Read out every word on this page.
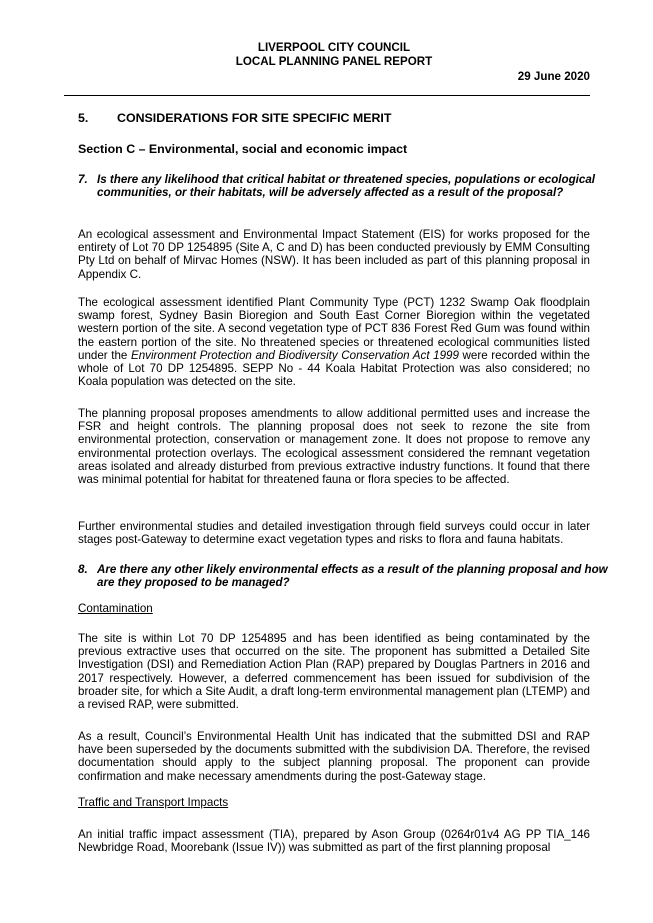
LIVERPOOL CITY COUNCIL
LOCAL PLANNING PANEL REPORT
29 June 2020
5. CONSIDERATIONS FOR SITE SPECIFIC MERIT
Section C – Environmental, social and economic impact
7. Is there any likelihood that critical habitat or threatened species, populations or ecological communities, or their habitats, will be adversely affected as a result of the proposal?
An ecological assessment and Environmental Impact Statement (EIS) for works proposed for the entirety of Lot 70 DP 1254895 (Site A, C and D) has been conducted previously by EMM Consulting Pty Ltd on behalf of Mirvac Homes (NSW). It has been included as part of this planning proposal in Appendix C.
The ecological assessment identified Plant Community Type (PCT) 1232 Swamp Oak floodplain swamp forest, Sydney Basin Bioregion and South East Corner Bioregion within the vegetated western portion of the site. A second vegetation type of PCT 836 Forest Red Gum was found within the eastern portion of the site. No threatened species or threatened ecological communities listed under the Environment Protection and Biodiversity Conservation Act 1999 were recorded within the whole of Lot 70 DP 1254895. SEPP No - 44 Koala Habitat Protection was also considered; no Koala population was detected on the site.
The planning proposal proposes amendments to allow additional permitted uses and increase the FSR and height controls. The planning proposal does not seek to rezone the site from environmental protection, conservation or management zone. It does not propose to remove any environmental protection overlays. The ecological assessment considered the remnant vegetation areas isolated and already disturbed from previous extractive industry functions. It found that there was minimal potential for habitat for threatened fauna or flora species to be affected.
Further environmental studies and detailed investigation through field surveys could occur in later stages post-Gateway to determine exact vegetation types and risks to flora and fauna habitats.
8. Are there any other likely environmental effects as a result of the planning proposal and how are they proposed to be managed?
Contamination
The site is within Lot 70 DP 1254895 and has been identified as being contaminated by the previous extractive uses that occurred on the site. The proponent has submitted a Detailed Site Investigation (DSI) and Remediation Action Plan (RAP) prepared by Douglas Partners in 2016 and 2017 respectively. However, a deferred commencement has been issued for subdivision of the broader site, for which a Site Audit, a draft long-term environmental management plan (LTEMP) and a revised RAP, were submitted.
As a result, Council’s Environmental Health Unit has indicated that the submitted DSI and RAP have been superseded by the documents submitted with the subdivision DA. Therefore, the revised documentation should apply to the subject planning proposal. The proponent can provide confirmation and make necessary amendments during the post-Gateway stage.
Traffic and Transport Impacts
An initial traffic impact assessment (TIA), prepared by Ason Group (0264r01v4 AG PP TIA_146 Newbridge Road, Moorebank (Issue IV)) was submitted as part of the first planning proposal
